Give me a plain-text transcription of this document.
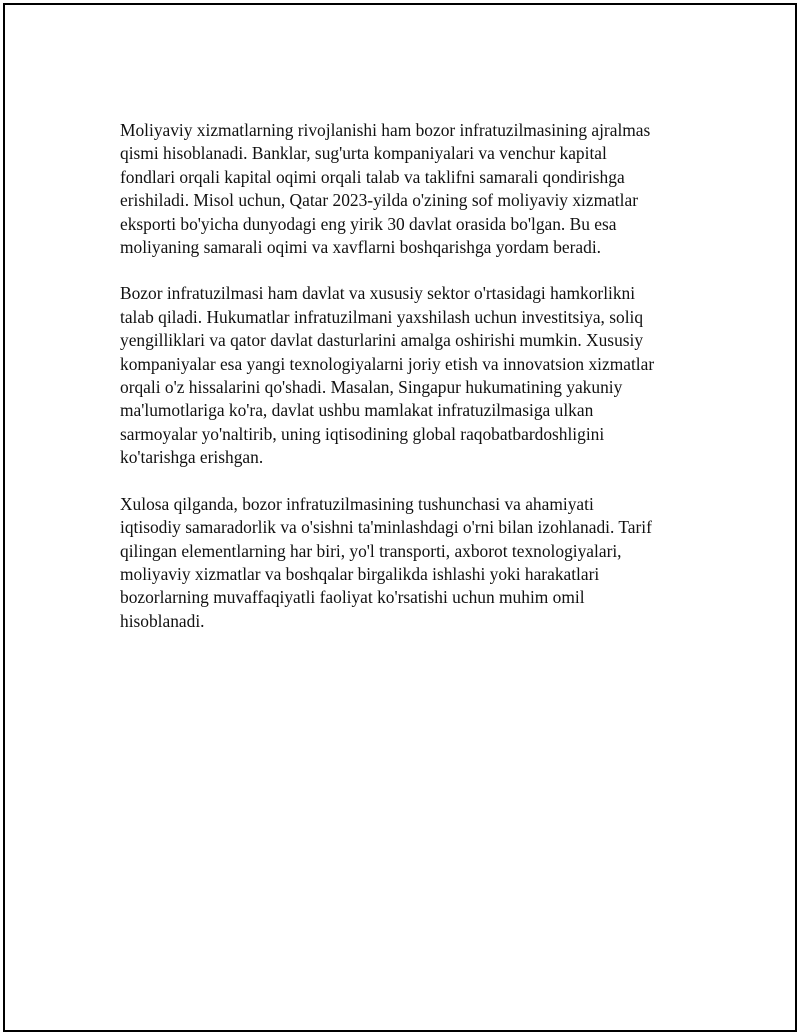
Moliyaviy xizmatlarning rivojlanishi ham bozor infratuzilmasining ajralmas
qismi hisoblanadi. Banklar, sug'urta kompaniyalari va venchur kapital
fondlari orqali kapital oqimi orqali talab va taklifni samarali qondirishga
erishiladi. Misol uchun, Qatar 2023-yilda o'zining sof moliyaviy xizmatlar
eksporti bo'yicha dunyodagi eng yirik 30 davlat orasida bo'lgan. Bu esa
moliyaning samarali oqimi va xavflarni boshqarishga yordam beradi.

Bozor infratuzilmasi ham davlat va xususiy sektor o'rtasidagi hamkorlikni
talab qiladi. Hukumatlar infratuzilmani yaxshilash uchun investitsiya, soliq
yengilliklari va qator davlat dasturlarini amalga oshirishi mumkin. Xususiy
kompaniyalar esa yangi texnologiyalarni joriy etish va innovatsion xizmatlar
orqali o'z hissalarini qo'shadi. Masalan, Singapur hukumatining yakuniy
ma'lumotlariga ko'ra, davlat ushbu mamlakat infratuzilmasiga ulkan
sarmoyalar yo'naltirib, uning iqtisodining global raqobatbardoshligini
ko'tarishga erishgan.

Xulosa qilganda, bozor infratuzilmasining tushunchasi va ahamiyati
iqtisodiy samaradorlik va o'sishni ta'minlashdagi o'rni bilan izohlanadi. Tarif
qilingan elementlarning har biri, yo'l transporti, axborot texnologiyalari,
moliyaviy xizmatlar va boshqalar birgalikda ishlashi yoki harakatlari
bozorlarning muvaffaqiyatli faoliyat ko'rsatishi uchun muhim omil
hisoblanadi.
